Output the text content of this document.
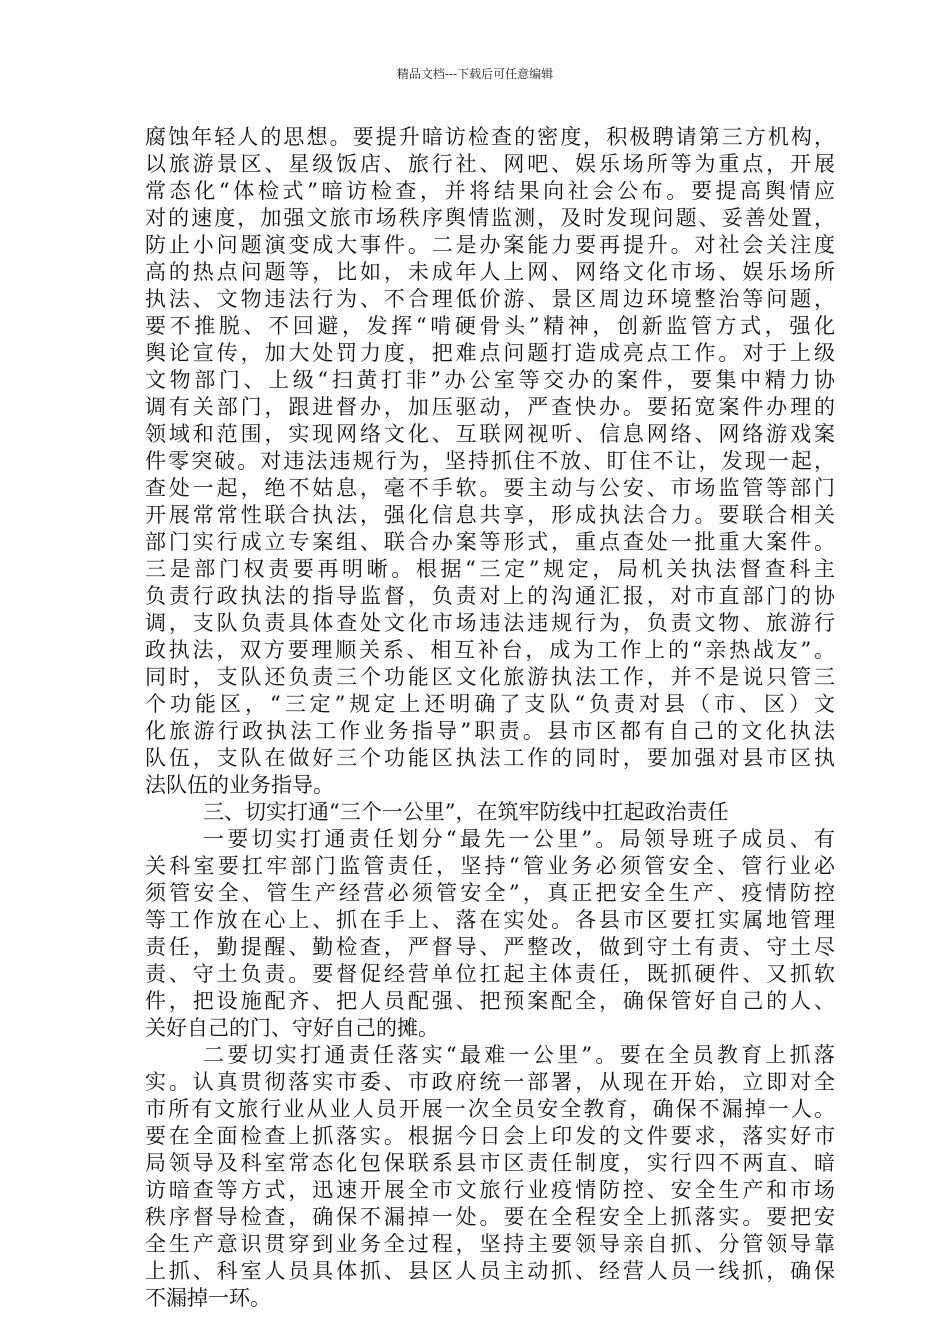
精品文档---下载后可任意编辑
腐蚀年轻人的思想。要提升暗访检查的密度，积极聘请第三方机构，
以旅游景区、星级饭店、旅行社、网吧、娱乐场所等为重点，开展
常态化“体检式”暗访检查，并将结果向社会公布。要提高舆情应
对的速度，加强文旅市场秩序舆情监测，及时发现问题、妥善处置，
防止小问题演变成大事件。二是办案能力要再提升。对社会关注度
高的热点问题等，比如，未成年人上网、网络文化市场、娱乐场所
执法、文物违法行为、不合理低价游、景区周边环境整治等问题，
要不推脱、不回避，发挥“啃硬骨头”精神，创新监管方式，强化
舆论宣传，加大处罚力度，把难点问题打造成亮点工作。对于上级
文物部门、上级“扫黄打非”办公室等交办的案件，要集中精力协
调有关部门，跟进督办，加压驱动，严查快办。要拓宽案件办理的
领域和范围，实现网络文化、互联网视听、信息网络、网络游戏案
件零突破。对违法违规行为，坚持抓住不放、盯住不让，发现一起，
查处一起，绝不姑息，毫不手软。要主动与公安、市场监管等部门
开展常常性联合执法，强化信息共享，形成执法合力。要联合相关
部门实行成立专案组、联合办案等形式，重点查处一批重大案件。
三是部门权责要再明晰。根据“三定”规定，局机关执法督查科主
负责行政执法的指导监督，负责对上的沟通汇报，对市直部门的协
调，支队负责具体查处文化市场违法违规行为，负责文物、旅游行
政执法，双方要理顺关系、相互补台，成为工作上的“亲热战友”。
同时，支队还负责三个功能区文化旅游执法工作，并不是说只管三
个功能区，“三定”规定上还明确了支队“负责对县（市、区）文
化旅游行政执法工作业务指导”职责。县市区都有自己的文化执法
队伍，支队在做好三个功能区执法工作的同时，要加强对县市区执
法队伍的业务指导。
三、切实打通“三个一公里”，在筑牢防线中扛起政治责任
一要切实打通责任划分“最先一公里”。局领导班子成员、有
关科室要扛牢部门监管责任，坚持“管业务必须管安全、管行业必
须管安全、管生产经营必须管安全”，真正把安全生产、疫情防控
等工作放在心上、抓在手上、落在实处。各县市区要扛实属地管理
责任，勤提醒、勤检查，严督导、严整改，做到守土有责、守土尽
责、守土负责。要督促经营单位扛起主体责任，既抓硬件、又抓软
件，把设施配齐、把人员配强、把预案配全，确保管好自己的人、
关好自己的门、守好自己的摊。
二要切实打通责任落实“最难一公里”。要在全员教育上抓落
实。认真贯彻落实市委、市政府统一部署，从现在开始，立即对全
市所有文旅行业从业人员开展一次全员安全教育，确保不漏掉一人。
要在全面检查上抓落实。根据今日会上印发的文件要求，落实好市
局领导及科室常态化包保联系县市区责任制度，实行四不两直、暗
访暗查等方式，迅速开展全市文旅行业疫情防控、安全生产和市场
秩序督导检查，确保不漏掉一处。要在全程安全上抓落实。要把安
全生产意识贯穿到业务全过程，坚持主要领导亲自抓、分管领导靠
上抓、科室人员具体抓、县区人员主动抓、经营人员一线抓，确保
不漏掉一环。
